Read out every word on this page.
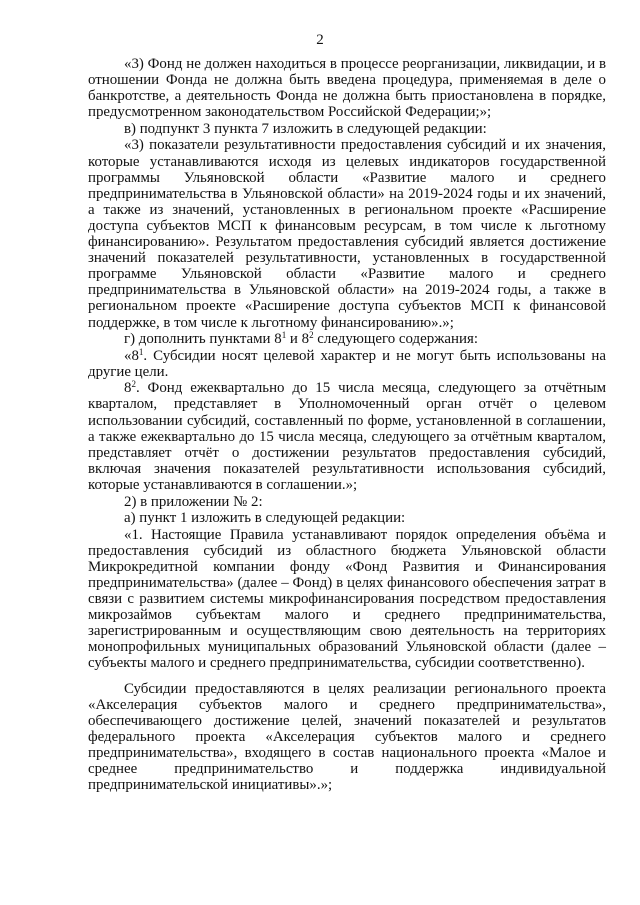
2

«3) Фонд не должен находиться в процессе реорганизации, ликвидации, и в отношении Фонда не должна быть введена процедура, применяемая в деле о банкротстве, а деятельность Фонда не должна быть приостановлена в порядке, предусмотренном законодательством Российской Федерации;»;

в) подпункт 3 пункта 7 изложить в следующей редакции:

«3) показатели результативности предоставления субсидий и их значения, которые устанавливаются исходя из целевых индикаторов государственной программы Ульяновской области «Развитие малого и среднего предпринимательства в Ульяновской области» на 2019-2024 годы и их значений, а также из значений, установленных в региональном проекте «Расширение доступа субъектов МСП к финансовым ресурсам, в том числе к льготному финансированию». Результатом предоставления субсидий является достижение значений показателей результативности, установленных в государственной программе Ульяновской области «Развитие малого и среднего предпринимательства в Ульяновской области» на 2019-2024 годы, а также в региональном проекте «Расширение доступа субъектов МСП к финансовой поддержке, в том числе к льготному финансированию».»;

г) дополнить пунктами $8^1$ и $8^2$ следующего содержания:

«$8^1$. Субсидии носят целевой характер и не могут быть использованы на другие цели.

$8^2$. Фонд ежеквартально до 15 числа месяца, следующего за отчётным кварталом, представляет в Уполномоченный орган отчёт о целевом использовании субсидий, составленный по форме, установленной в соглашении, а также ежеквартально до 15 числа месяца, следующего за отчётным кварталом, представляет отчёт о достижении результатов предоставления субсидий, включая значения показателей результативности использования субсидий, которые устанавливаются в соглашении.»;

2) в приложении № 2:

а) пункт 1 изложить в следующей редакции:

«1. Настоящие Правила устанавливают порядок определения объёма и предоставления субсидий из областного бюджета Ульяновской области Микрокредитной компании фонду «Фонд Развития и Финансирования предпринимательства» (далее – Фонд) в целях финансового обеспечения затрат в связи с развитием системы микрофинансирования посредством предоставления микрозаймов субъектам малого и среднего предпринимательства, зарегистрированным и осуществляющим свою деятельность на территориях монопрофильных муниципальных образований Ульяновской области (далее – субъекты малого и среднего предпринимательства, субсидии соответственно).

Субсидии предоставляются в целях реализации регионального проекта «Акселерация субъектов малого и среднего предпринимательства», обеспечивающего достижение целей, значений показателей и результатов федерального проекта «Акселерация субъектов малого и среднего предпринимательства», входящего в состав национального проекта «Малое и среднее предпринимательство и поддержка индивидуальной предпринимательской инициативы».»;
